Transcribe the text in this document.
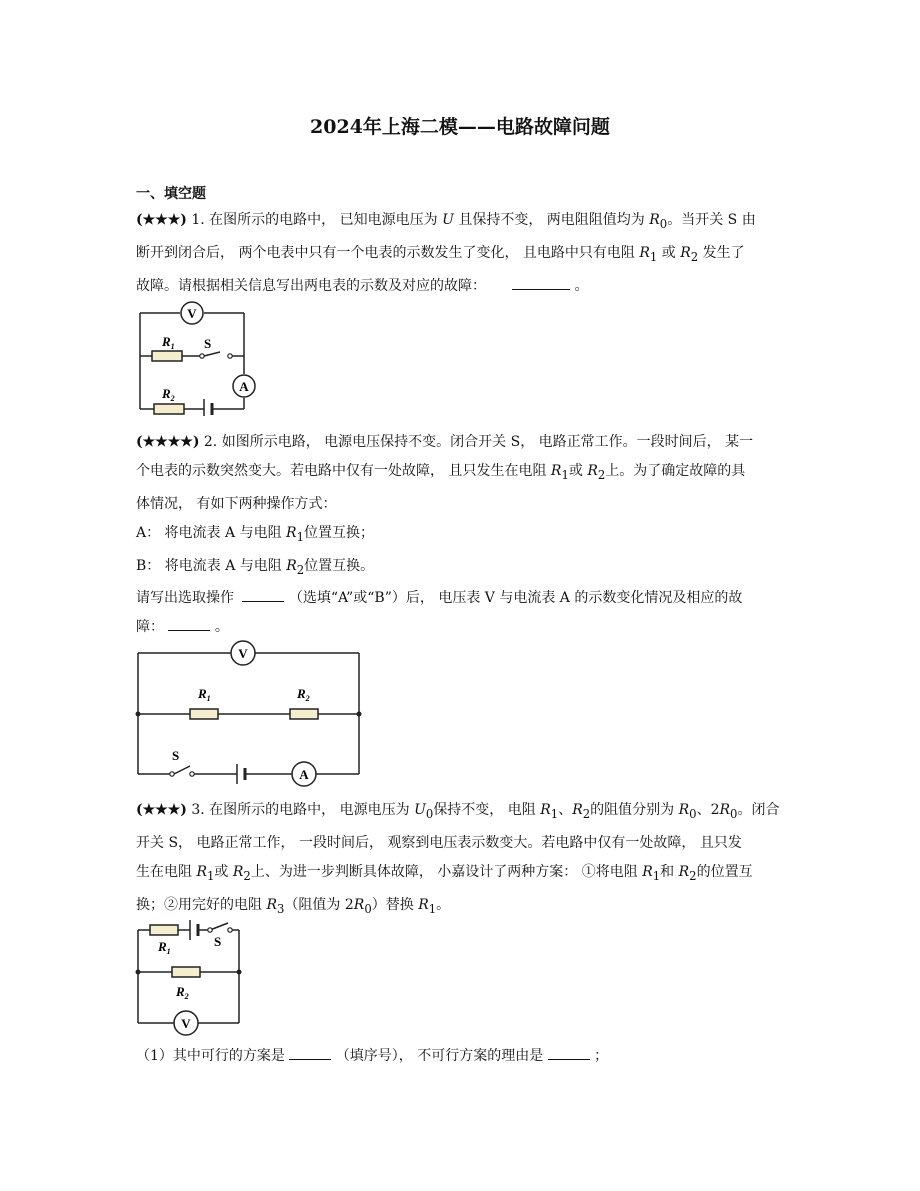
2024年上海二模——电路故障问题
一、填空题
(★★★) 1. 在图所示的电路中， 已知电源电压为 U 且保持不变， 两电阻阻值均为 $R_0$。当开关 S 由
断开到闭合后， 两个电表中只有一个电表的示数发生了变化， 且电路中只有电阻 $R_1$ 或 $R_2$ 发生了
故障。请根据相关信息写出两电表的示数及对应的故障：	。
V
$R_1$ S
A
$R_2$
(★★★★) 2. 如图所示电路， 电源电压保持不变。闭合开关 S， 电路正常工作。一段时间后， 某一
个电表的示数突然变大。若电路中仅有一处故障， 且只发生在电阻 $R_1$或 $R_2$上。为了确定故障的具
体情况， 有如下两种操作方式：
A： 将电流表 A 与电阻 $R_1$位置互换；
B： 将电流表 A 与电阻 $R_2$位置互换。
请写出选取操作	（选填“A”或“B”）后， 电压表 V 与电流表 A 的示数变化情况及相应的故
障：	。
V
$R_1$	$R_2$
S
A
(★★★) 3. 在图所示的电路中， 电源电压为 $U_0$保持不变， 电阻 $R_1$、$R_2$的阻值分别为 $R_0$、$2R_0$。闭合
开关 S， 电路正常工作， 一段时间后， 观察到电压表示数变大。若电路中仅有一处故障， 且只发
生在电阻 $R_1$或 $R_2$上、为进一步判断具体故障， 小嘉设计了两种方案： ①将电阻 $R_1$和 $R_2$的位置互
换；②用完好的电阻 $R_3$（阻值为 $2R_0$）替换 $R_1$。
$R_1$
S
$R_2$
V
（1）其中可行的方案是	（填序号）， 不可行方案的理由是	；
